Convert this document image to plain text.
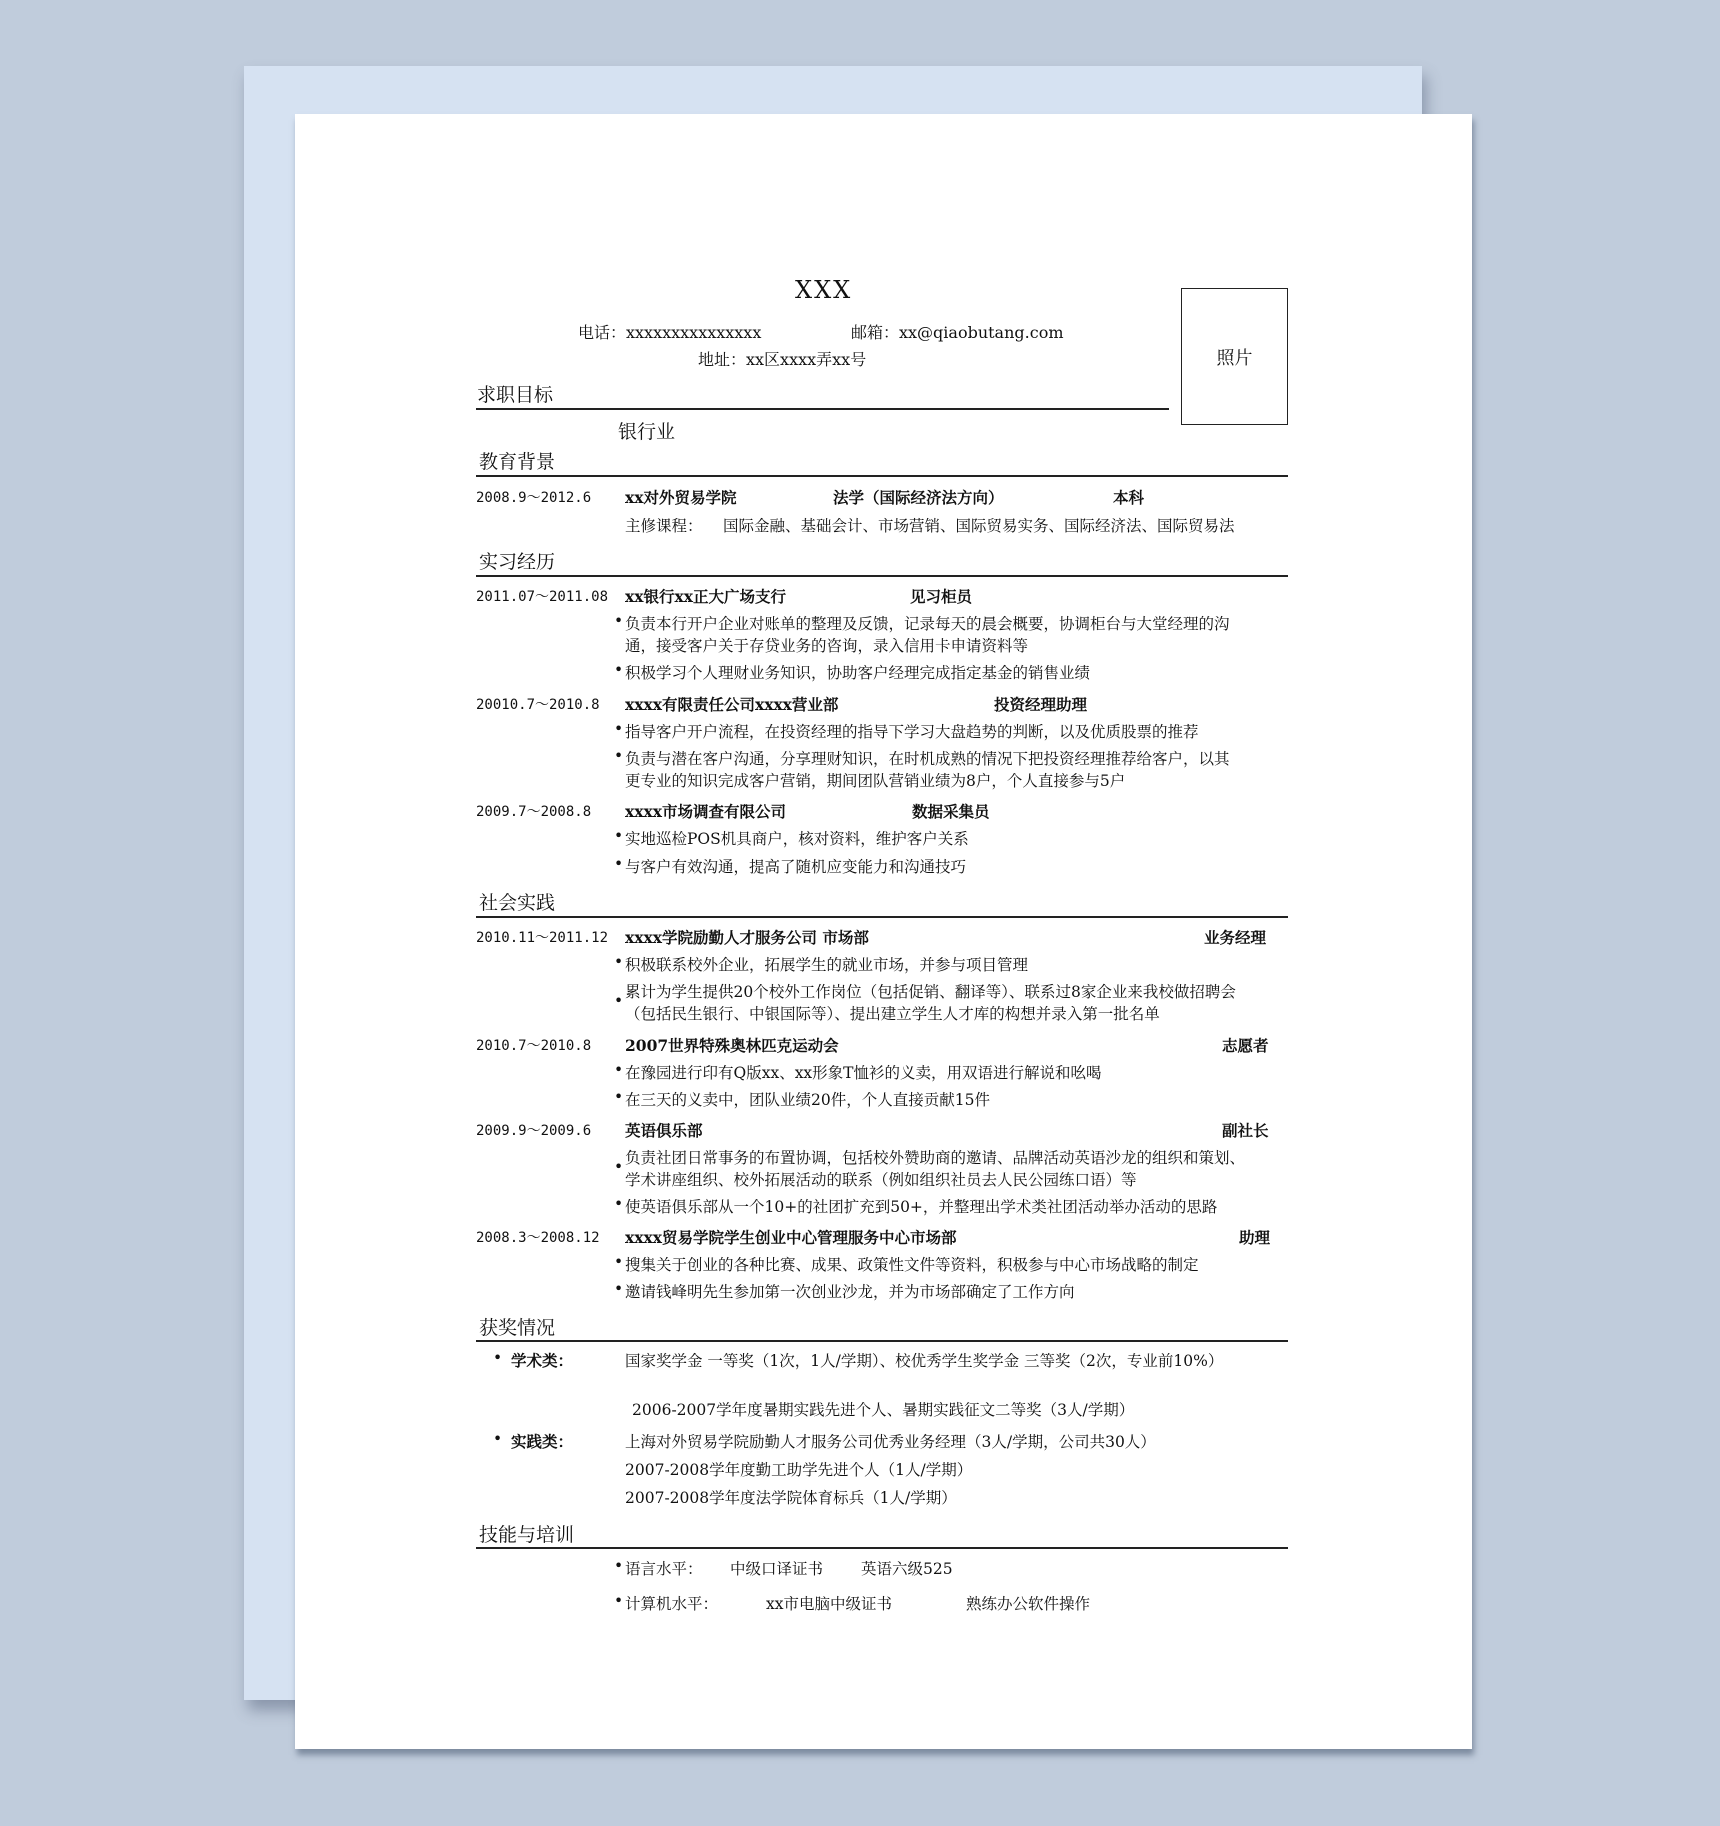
XXX
电话：xxxxxxxxxxxxxxx	邮箱：xx@qiaobutang.com
地址：xx区xxxx弄xx号	照片
求职目标
银行业
教育背景
2008.9～2012.6 xx对外贸易学院	法学（国际经济法方向）	本科
主修课程： 国际金融、基础会计、市场营销、国际贸易实务、国际经济法、国际贸易法
实习经历
2011.07～2011.08 xx银行xx正大广场支行	见习柜员
• 负责本行开户企业对账单的整理及反馈，记录每天的晨会概要，协调柜台与大堂经理的沟
通，接受客户关于存贷业务的咨询，录入信用卡申请资料等
• 积极学习个人理财业务知识，协助客户经理完成指定基金的销售业绩
20010.7～2010.8 xxxx有限责任公司xxxx营业部	投资经理助理
• 指导客户开户流程，在投资经理的指导下学习大盘趋势的判断，以及优质股票的推荐
• 负责与潜在客户沟通，分享理财知识，在时机成熟的情况下把投资经理推荐给客户，以其
更专业的知识完成客户营销，期间团队营销业绩为8户，个人直接参与5户
2009.7～2008.8 xxxx市场调查有限公司	数据采集员
• 实地巡检POS机具商户，核对资料，维护客户关系
• 与客户有效沟通，提高了随机应变能力和沟通技巧
社会实践
2010.11～2011.12 xxxx学院励勤人才服务公司 市场部	业务经理
• 积极联系校外企业，拓展学生的就业市场，并参与项目管理
• 累计为学生提供20个校外工作岗位（包括促销、翻译等）、联系过8家企业来我校做招聘会
（包括民生银行、中银国际等）、提出建立学生人才库的构想并录入第一批名单
2010.7～2010.8 2007世界特殊奥林匹克运动会	志愿者
• 在豫园进行印有Q版xx、xx形象T恤衫的义卖，用双语进行解说和吆喝
• 在三天的义卖中，团队业绩20件，个人直接贡献15件
2009.9～2009.6 英语俱乐部	副社长
• 负责社团日常事务的布置协调，包括校外赞助商的邀请、品牌活动英语沙龙的组织和策划、
学术讲座组织、校外拓展活动的联系（例如组织社员去人民公园练口语）等
• 使英语俱乐部从一个10+的社团扩充到50+，并整理出学术类社团活动举办活动的思路
2008.3～2008.12 xxxx贸易学院学生创业中心管理服务中心市场部	助理
• 搜集关于创业的各种比赛、成果、政策性文件等资料，积极参与中心市场战略的制定
• 邀请钱峰明先生参加第一次创业沙龙，并为市场部确定了工作方向
获奖情况
• 学术类：	国家奖学金 一等奖（1次，1人/学期）、校优秀学生奖学金 三等奖（2次，专业前10%）
2006-2007学年度暑期实践先进个人、暑期实践征文二等奖（3人/学期）
• 实践类：	上海对外贸易学院励勤人才服务公司优秀业务经理（3人/学期，公司共30人）
2007-2008学年度勤工助学先进个人（1人/学期）
2007-2008学年度法学院体育标兵（1人/学期）
技能与培训
• 语言水平： 中级口译证书 英语六级525
• 计算机水平：	xx市电脑中级证书	熟练办公软件操作
